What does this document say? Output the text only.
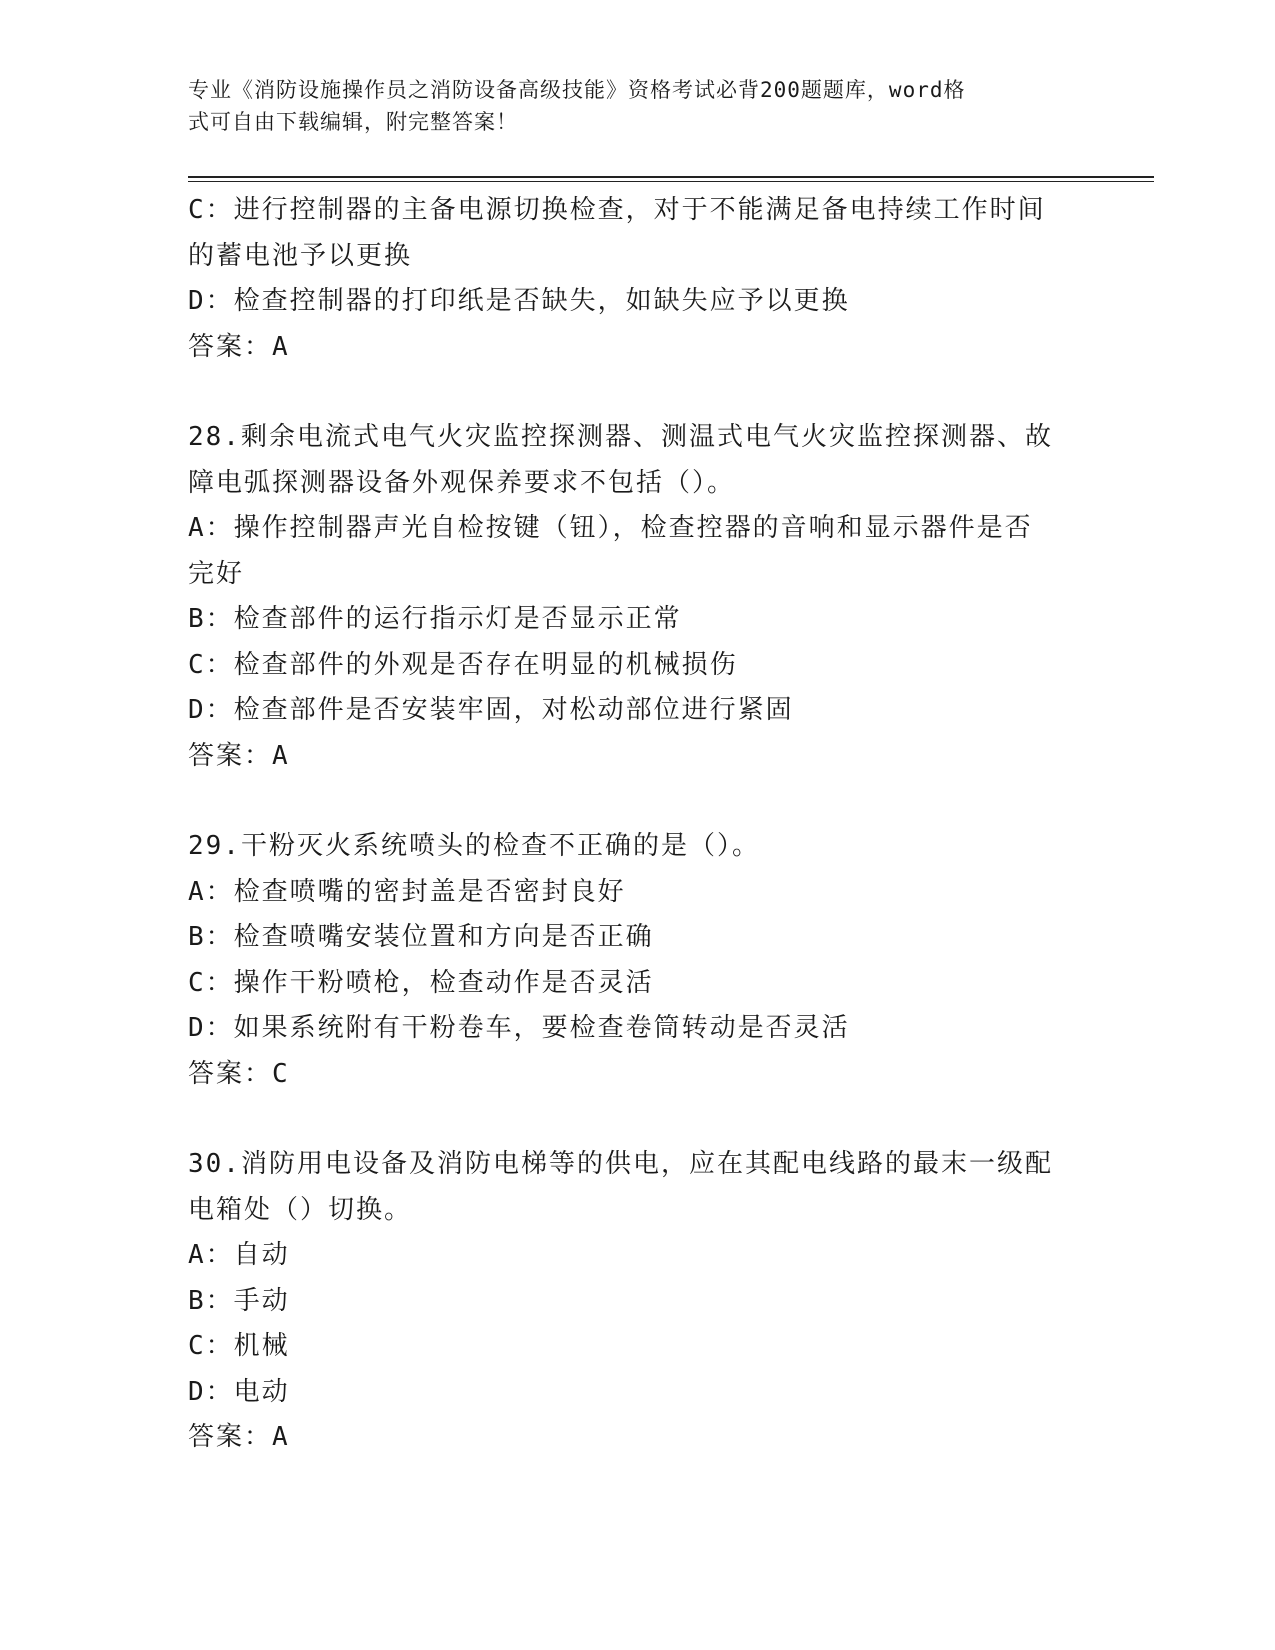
专业《消防设施操作员之消防设备高级技能》资格考试必背200题题库，word格
式可自由下载编辑，附完整答案！
C：进行控制器的主备电源切换检查，对于不能满足备电持续工作时间
的蓄电池予以更换
D：检查控制器的打印纸是否缺失，如缺失应予以更换
答案：A
28.剩余电流式电气火灾监控探测器、测温式电气火灾监控探测器、故
障电弧探测器设备外观保养要求不包括（）。
A：操作控制器声光自检按键（钮），检查控器的音响和显示器件是否
完好
B：检查部件的运行指示灯是否显示正常
C：检查部件的外观是否存在明显的机械损伤
D：检查部件是否安装牢固，对松动部位进行紧固
答案：A
29.干粉灭火系统喷头的检查不正确的是（）。
A：检查喷嘴的密封盖是否密封良好
B：检查喷嘴安装位置和方向是否正确
C：操作干粉喷枪，检查动作是否灵活
D：如果系统附有干粉卷车，要检查卷筒转动是否灵活
答案：C
30.消防用电设备及消防电梯等的供电，应在其配电线路的最末一级配
电箱处（）切换。
A：自动
B：手动
C：机械
D：电动
答案：A
